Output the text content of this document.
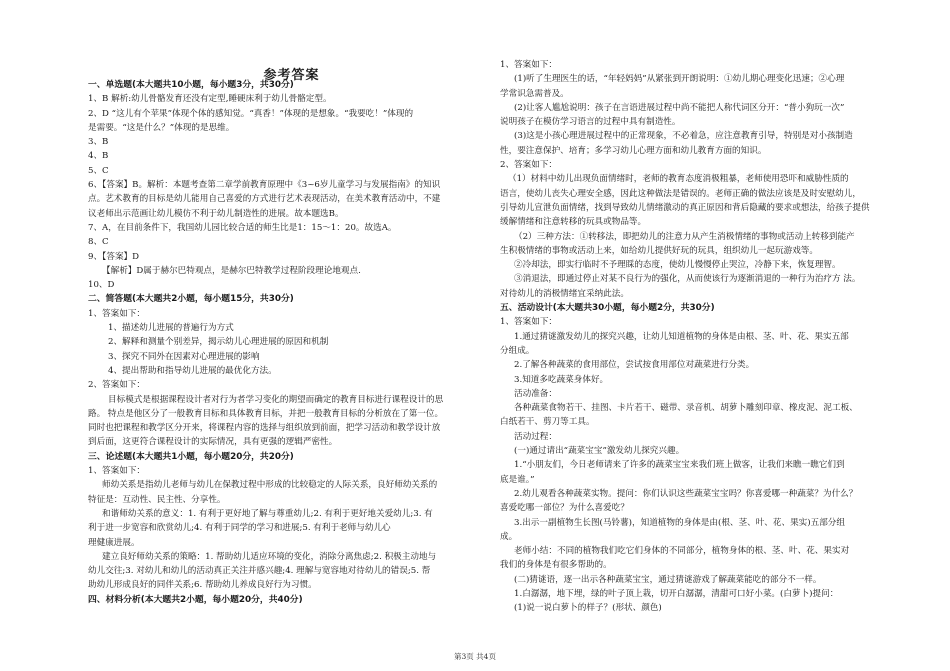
参考答案
一、单选题(本大题共10小题，每小题3分，共30分)
1、B 解析:幼儿骨骼发育还没有定型,睡硬床利于幼儿骨骼定型。
2、D “这儿有个苹果”体现个体的感知觉。“真香！”体现的是想象。“我要吃！”体现的
是需要。“这是什么？”体现的是思维。
3、B
4、B
5、C
6、【答案】B。解析：本题考查第二章学前教育原理中《3~6岁儿童学习与发展指南》的知识
点。艺术教育的目标是幼儿能用自己喜爱的方式进行艺术表现活动，在美术教育活动中，不建
议老师出示范画让幼儿模仿不利于幼儿制造性的进展。故本题选B。
7、A，在目前条件下，我国幼儿园比较合适的师生比是1：15～1：20。故选A。
8、C
9、【答案】D
【解析】D属于赫尔巴特观点，是赫尔巴特教学过程阶段理论地观点.
10、D
二、简答题(本大题共2小题，每小题15分，共30分)
1、答案如下：
1、描述幼儿进展的普遍行为方式
2、解释和测量个别差异，揭示幼儿心理进展的原因和机制
3、探究不同外在因素对心理进展的影响
4、提出帮助和指导幼儿进展的最优化方法。
2、答案如下：
目标模式是根据课程设计者对行为者学习变化的期望而确定的教育目标进行课程设计的思
路。 特点是他区分了一般教育目标和具体教育目标，并把一般教育目标的分析放在了第一位。
同时也把课程和教学区分开来，将课程内容的选择与组织放到前面，把学习活动和教学设计放
到后面，这更符合课程设计的实际情况，具有更强的逻辑严密性。
三、论述题(本大题共1小题，每小题20分，共20分)
1、答案如下：
师幼关系是指幼儿老师与幼儿在保教过程中形成的比较稳定的人际关系，良好师幼关系的
特征是：互动性、民主性、分享性。
和谐师幼关系的意义：1. 有利于更好地了解与尊重幼儿;2. 有利于更好地关爱幼儿;3. 有
利于进一步宽容和欣赏幼儿;4. 有利于同学的学习和进展;5. 有利于老师与幼儿心
理健康进展。
建立良好师幼关系的策略：1. 帮助幼儿适应环境的变化，消除分离焦虑;2. 积极主动地与
幼儿交往;3. 对幼儿和幼儿的活动真正关注并感兴趣;4. 理解与宽容地对待幼儿的错误;5. 帮
助幼儿形成良好的同伴关系;6. 帮助幼儿养成良好行为习惯。
四、材料分析(本大题共2小题，每小题20分，共40分)
1、答案如下：
(1)听了生理医生的话，“年轻妈妈”从紧张到开朗说明：①幼儿期心理变化迅速；②心理
学常识急需普及。
(2)让客人尴尬说明：孩子在言语进展过程中尚不能把人称代词区分开：“普小狗玩一次”
说明孩子在模仿学习语言的过程中具有制造性。
(3)这是小孩心理进展过程中的正常现象，不必着急，应注意教育引导，特别是对小孩制造
性，要注意保护、培育；多学习幼儿心理方面和幼儿教育方面的知识。
2、答案如下：
（1）材料中幼儿出现负面情绪时，老师的教育态度消极粗暴，老师使用恐吓和威胁性质的
语言，使幼儿丧失心理安全感，因此这种做法是错误的。老师正确的做法应该是及时安慰幼儿，
引导幼儿宣泄负面情绪，找到导致幼儿情绪激动的真正原因和背后隐藏的要求或想法，给孩子提供
缓解情绪和注意转移的玩具或物品等。
（2）三种方法：①转移法，即把幼儿的注意力从产生消极情绪的事物或活动上转移到能产
生积极情绪的事物或活动上来，如给幼儿提供好玩的玩具，组织幼儿一起玩游戏等。
②冷却法，即实行临时不予理睬的态度，使幼儿慢慢停止哭泣，冷静下来，恢复理智。
③消退法，即通过停止对某不良行为的强化，从而使该行为逐渐消退的一种行为治疗方 法。
对待幼儿的消极情绪宜采纳此法。
五、活动设计(本大题共30小题，每小题2分，共30分)
1、答案如下：
1.通过猜谜激发幼儿的探究兴趣，让幼儿知道植物的身体是由根、茎、叶、花、果实五部
分组成。
2.了解各种蔬菜的食用部位，尝试按食用部位对蔬菜进行分类。
3.知道多吃蔬菜身体好。
活动准备：
各种蔬菜食物若干、挂图、卡片若干、磁带、录音机、胡萝卜雕刻印章、橡皮泥、泥工板、
白纸若干、剪刀等工具。
活动过程：
(一)通过请出“蔬菜宝宝”激发幼儿探究兴趣。
1.“小朋友们，今日老师请来了许多的蔬菜宝宝来我们班上做客，让我们来瞧一瞧它们到
底是谁。”
2.幼儿观看各种蔬菜实物。提问：你们认识这些蔬菜宝宝吗？你喜爱哪一种蔬菜？为什么？
喜爱吃哪一部位？为什么喜爱吃？
3.出示一副植物生长图(马铃薯)，知道植物的身体是由(根、茎、叶、花、果实)五部分组
成。
老师小结：不同的植物我们吃它们身体的不同部分，植物身体的根、茎、叶、花、果实对
我们的身体是有很多帮助的。
(二)猜谜语，逐一出示各种蔬菜宝宝，通过猜谜游戏了解蔬菜能吃的部分不一样。
1.白潺潺，地下埋，绿的叶子顶上栽，切开白潺潺，清甜可口好小菜。(白萝卜)提问：
(1)说一说白萝卜的样子？(形状、颜色)
第3页 共4页
